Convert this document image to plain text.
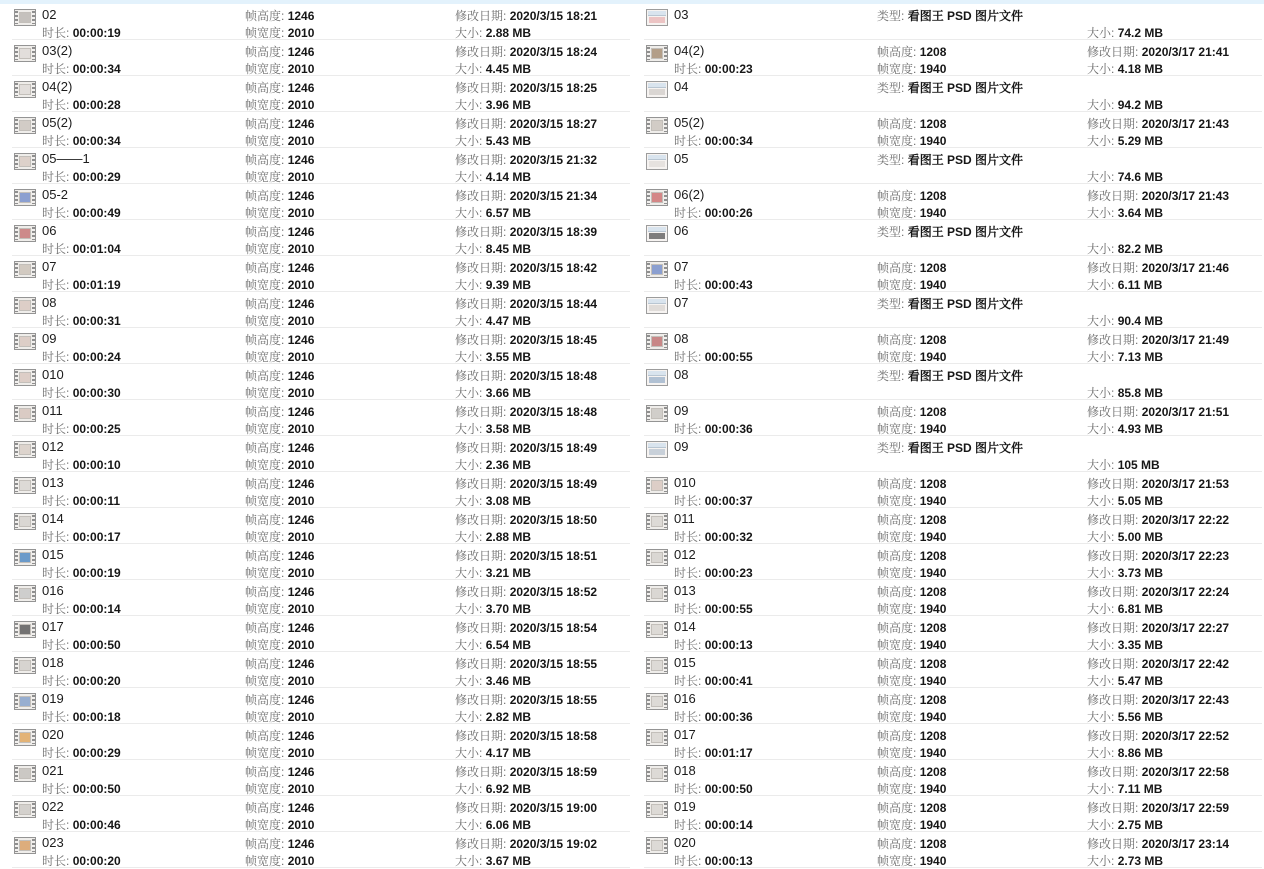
02
时长: 00:00:19
帧高度: 1246
帧宽度: 2010
修改日期: 2020/3/15 18:21
大小: 2.88 MB
03(2)
时长: 00:00:34
帧高度: 1246
帧宽度: 2010
修改日期: 2020/3/15 18:24
大小: 4.45 MB
04(2)
时长: 00:00:28
帧高度: 1246
帧宽度: 2010
修改日期: 2020/3/15 18:25
大小: 3.96 MB
05(2)
时长: 00:00:34
帧高度: 1246
帧宽度: 2010
修改日期: 2020/3/15 18:27
大小: 5.43 MB
05——1
时长: 00:00:29
帧高度: 1246
帧宽度: 2010
修改日期: 2020/3/15 21:32
大小: 4.14 MB
05-2
时长: 00:00:49
帧高度: 1246
帧宽度: 2010
修改日期: 2020/3/15 21:34
大小: 6.57 MB
06
时长: 00:01:04
帧高度: 1246
帧宽度: 2010
修改日期: 2020/3/15 18:39
大小: 8.45 MB
07
时长: 00:01:19
帧高度: 1246
帧宽度: 2010
修改日期: 2020/3/15 18:42
大小: 9.39 MB
08
时长: 00:00:31
帧高度: 1246
帧宽度: 2010
修改日期: 2020/3/15 18:44
大小: 4.47 MB
09
时长: 00:00:24
帧高度: 1246
帧宽度: 2010
修改日期: 2020/3/15 18:45
大小: 3.55 MB
010
时长: 00:00:30
帧高度: 1246
帧宽度: 2010
修改日期: 2020/3/15 18:48
大小: 3.66 MB
011
时长: 00:00:25
帧高度: 1246
帧宽度: 2010
修改日期: 2020/3/15 18:48
大小: 3.58 MB
012
时长: 00:00:10
帧高度: 1246
帧宽度: 2010
修改日期: 2020/3/15 18:49
大小: 2.36 MB
013
时长: 00:00:11
帧高度: 1246
帧宽度: 2010
修改日期: 2020/3/15 18:49
大小: 3.08 MB
014
时长: 00:00:17
帧高度: 1246
帧宽度: 2010
修改日期: 2020/3/15 18:50
大小: 2.88 MB
015
时长: 00:00:19
帧高度: 1246
帧宽度: 2010
修改日期: 2020/3/15 18:51
大小: 3.21 MB
016
时长: 00:00:14
帧高度: 1246
帧宽度: 2010
修改日期: 2020/3/15 18:52
大小: 3.70 MB
017
时长: 00:00:50
帧高度: 1246
帧宽度: 2010
修改日期: 2020/3/15 18:54
大小: 6.54 MB
018
时长: 00:00:20
帧高度: 1246
帧宽度: 2010
修改日期: 2020/3/15 18:55
大小: 3.46 MB
019
时长: 00:00:18
帧高度: 1246
帧宽度: 2010
修改日期: 2020/3/15 18:55
大小: 2.82 MB
020
时长: 00:00:29
帧高度: 1246
帧宽度: 2010
修改日期: 2020/3/15 18:58
大小: 4.17 MB
021
时长: 00:00:50
帧高度: 1246
帧宽度: 2010
修改日期: 2020/3/15 18:59
大小: 6.92 MB
022
时长: 00:00:46
帧高度: 1246
帧宽度: 2010
修改日期: 2020/3/15 19:00
大小: 6.06 MB
023
时长: 00:00:20
帧高度: 1246
帧宽度: 2010
修改日期: 2020/3/15 19:02
大小: 3.67 MB
03	类型: 看图王 PSD 图片文件
大小: 74.2 MB
04(2)
时长: 00:00:23
帧高度: 1208
帧宽度: 1940
修改日期: 2020/3/17 21:41
大小: 4.18 MB
04	类型: 看图王 PSD 图片文件
大小: 94.2 MB
05(2)
时长: 00:00:34
帧高度: 1208
帧宽度: 1940
修改日期: 2020/3/17 21:43
大小: 5.29 MB
05	类型: 看图王 PSD 图片文件
大小: 74.6 MB
06(2)
时长: 00:00:26
帧高度: 1208
帧宽度: 1940
修改日期: 2020/3/17 21:43
大小: 3.64 MB
06	类型: 看图王 PSD 图片文件
大小: 82.2 MB
07
时长: 00:00:43
帧高度: 1208
帧宽度: 1940
修改日期: 2020/3/17 21:46
大小: 6.11 MB
07	类型: 看图王 PSD 图片文件
大小: 90.4 MB
08
时长: 00:00:55
帧高度: 1208
帧宽度: 1940
修改日期: 2020/3/17 21:49
大小: 7.13 MB
08	类型: 看图王 PSD 图片文件
大小: 85.8 MB
09
时长: 00:00:36
帧高度: 1208
帧宽度: 1940
修改日期: 2020/3/17 21:51
大小: 4.93 MB
09	类型: 看图王 PSD 图片文件
大小: 105 MB
010
时长: 00:00:37
帧高度: 1208
帧宽度: 1940
修改日期: 2020/3/17 21:53
大小: 5.05 MB
011
时长: 00:00:32
帧高度: 1208
帧宽度: 1940
修改日期: 2020/3/17 22:22
大小: 5.00 MB
012
时长: 00:00:23
帧高度: 1208
帧宽度: 1940
修改日期: 2020/3/17 22:23
大小: 3.73 MB
013
时长: 00:00:55
帧高度: 1208
帧宽度: 1940
修改日期: 2020/3/17 22:24
大小: 6.81 MB
014
时长: 00:00:13
帧高度: 1208
帧宽度: 1940
修改日期: 2020/3/17 22:27
大小: 3.35 MB
015
时长: 00:00:41
帧高度: 1208
帧宽度: 1940
修改日期: 2020/3/17 22:42
大小: 5.47 MB
016
时长: 00:00:36
帧高度: 1208
帧宽度: 1940
修改日期: 2020/3/17 22:43
大小: 5.56 MB
017
时长: 00:01:17
帧高度: 1208
帧宽度: 1940
修改日期: 2020/3/17 22:52
大小: 8.86 MB
018
时长: 00:00:50
帧高度: 1208
帧宽度: 1940
修改日期: 2020/3/17 22:58
大小: 7.11 MB
019
时长: 00:00:14
帧高度: 1208
帧宽度: 1940
修改日期: 2020/3/17 22:59
大小: 2.75 MB
020
时长: 00:00:13
帧高度: 1208
帧宽度: 1940
修改日期: 2020/3/17 23:14
大小: 2.73 MB
